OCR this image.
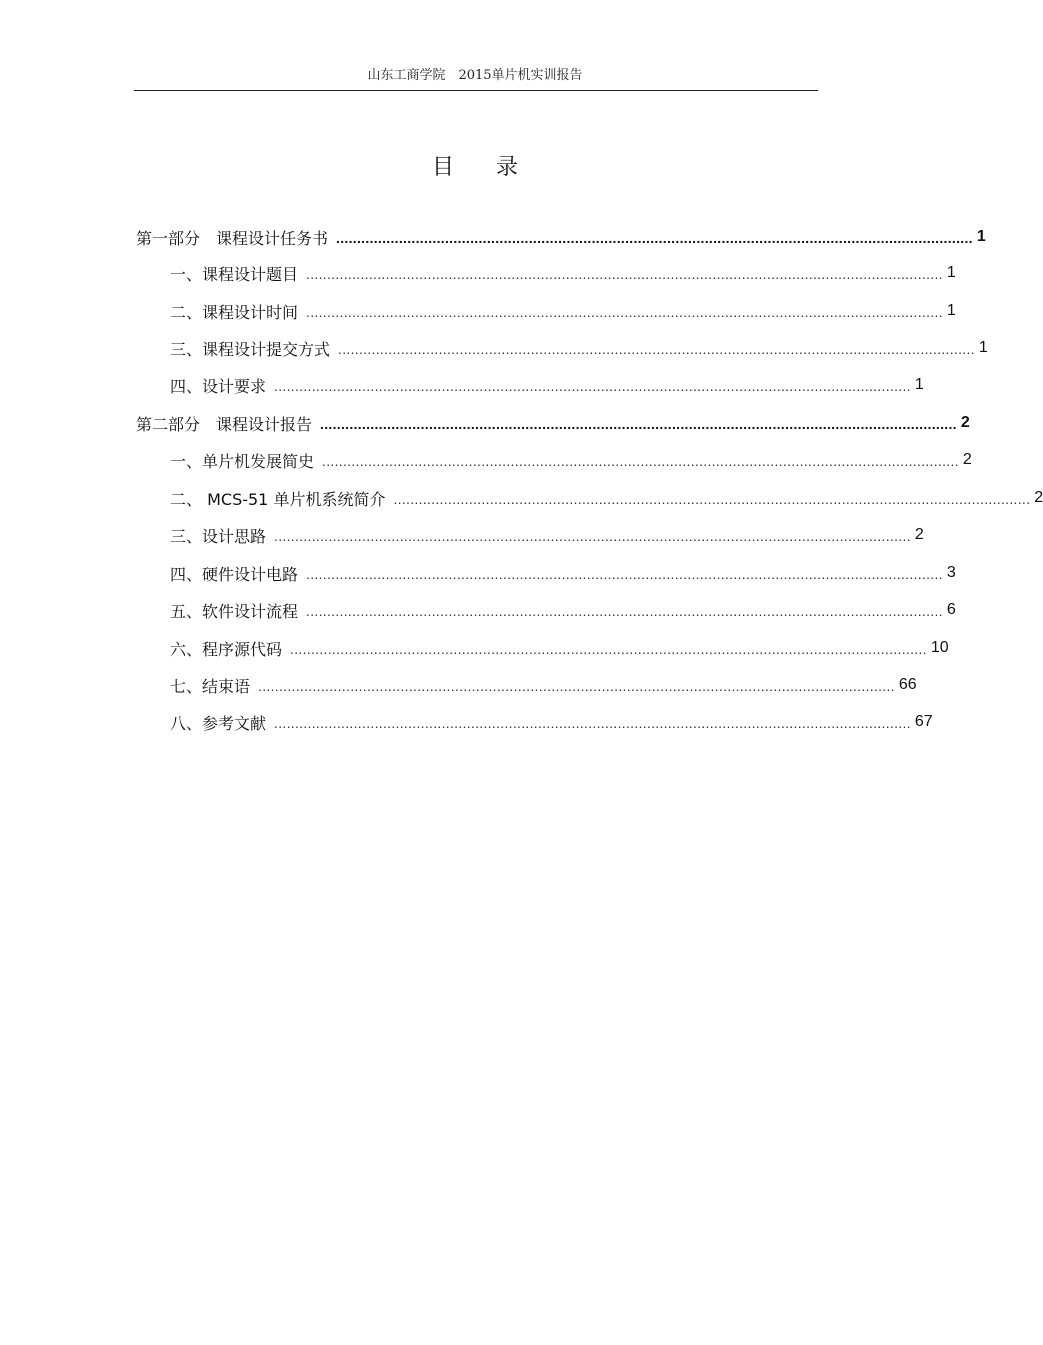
山东工商学院　2015单片机实训报告
目录
第一部分　课程设计任务书 ........................................................................................................................................................ 1
一、课程设计题目 ........................................................................................................................................................ 1
二、课程设计时间 ........................................................................................................................................................ 1
三、课程设计提交方式 ........................................................................................................................................................ 1
四、设计要求 ........................................................................................................................................................ 1
第二部分　课程设计报告 ........................................................................................................................................................ 2
一、单片机发展简史 ........................................................................................................................................................ 2
二、 MCS-51 单片机系统简介 ........................................................................................................................................................ 2
三、设计思路 ........................................................................................................................................................ 2
四、硬件设计电路 ........................................................................................................................................................ 3
五、软件设计流程 ........................................................................................................................................................ 6
六、程序源代码 ........................................................................................................................................................ 10
七、结束语 ........................................................................................................................................................ 66
八、参考文献 ........................................................................................................................................................ 67
